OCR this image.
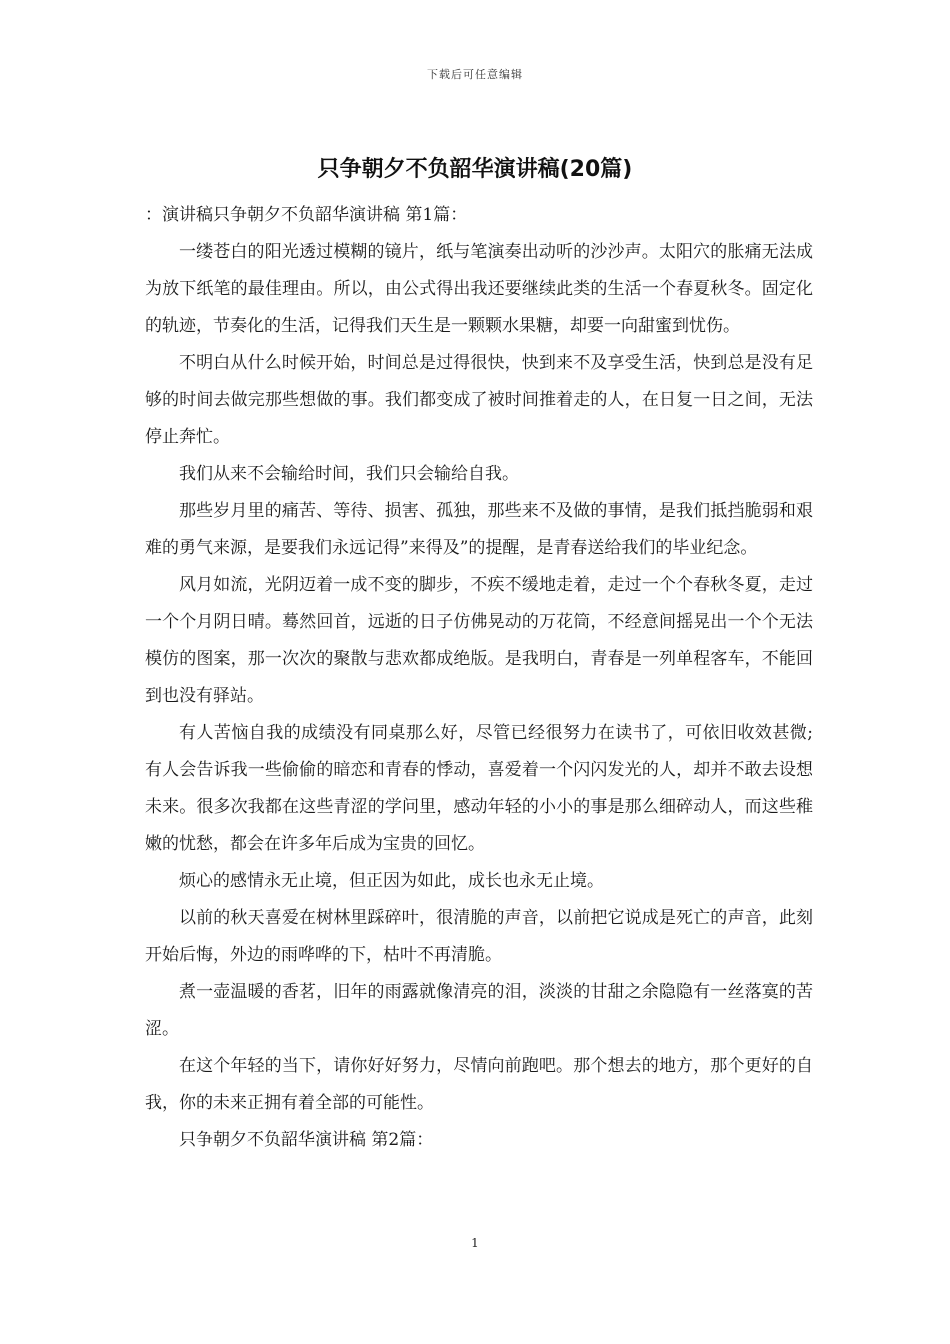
下载后可任意编辑
只争朝夕不负韶华演讲稿(20篇)

：演讲稿只争朝夕不负韶华演讲稿 第1篇：

一缕苍白的阳光透过模糊的镜片，纸与笔演奏出动听的沙沙声。太阳穴的胀痛无法成为放下纸笔的最佳理由。所以，由公式得出我还要继续此类的生活一个春夏秋冬。固定化的轨迹，节奏化的生活，记得我们天生是一颗颗水果糖，却要一向甜蜜到忧伤。

不明白从什么时候开始，时间总是过得很快，快到来不及享受生活，快到总是没有足够的时间去做完那些想做的事。我们都变成了被时间推着走的人，在日复一日之间，无法停止奔忙。

我们从来不会输给时间，我们只会输给自我。

那些岁月里的痛苦、等待、损害、孤独，那些来不及做的事情，是我们抵挡脆弱和艰难的勇气来源，是要我们永远记得”来得及”的提醒，是青春送给我们的毕业纪念。

风月如流，光阴迈着一成不变的脚步，不疾不缓地走着，走过一个个春秋冬夏，走过一个个月阴日晴。蓦然回首，远逝的日子仿佛晃动的万花筒，不经意间摇晃出一个个无法模仿的图案，那一次次的聚散与悲欢都成绝版。是我明白，青春是一列单程客车，不能回到也没有驿站。

有人苦恼自我的成绩没有同桌那么好，尽管已经很努力在读书了，可依旧收效甚微;有人会告诉我一些偷偷的暗恋和青春的悸动，喜爱着一个闪闪发光的人，却并不敢去设想未来。很多次我都在这些青涩的学问里，感动年轻的小小的事是那么细碎动人，而这些稚嫩的忧愁，都会在许多年后成为宝贵的回忆。

烦心的感情永无止境，但正因为如此，成长也永无止境。

以前的秋天喜爱在树林里踩碎叶，很清脆的声音，以前把它说成是死亡的声音，此刻开始后悔，外边的雨哗哗的下，枯叶不再清脆。

煮一壶温暖的香茗，旧年的雨露就像清亮的泪，淡淡的甘甜之余隐隐有一丝落寞的苦涩。

在这个年轻的当下，请你好好努力，尽情向前跑吧。那个想去的地方，那个更好的自我，你的未来正拥有着全部的可能性。

只争朝夕不负韶华演讲稿 第2篇：

1
